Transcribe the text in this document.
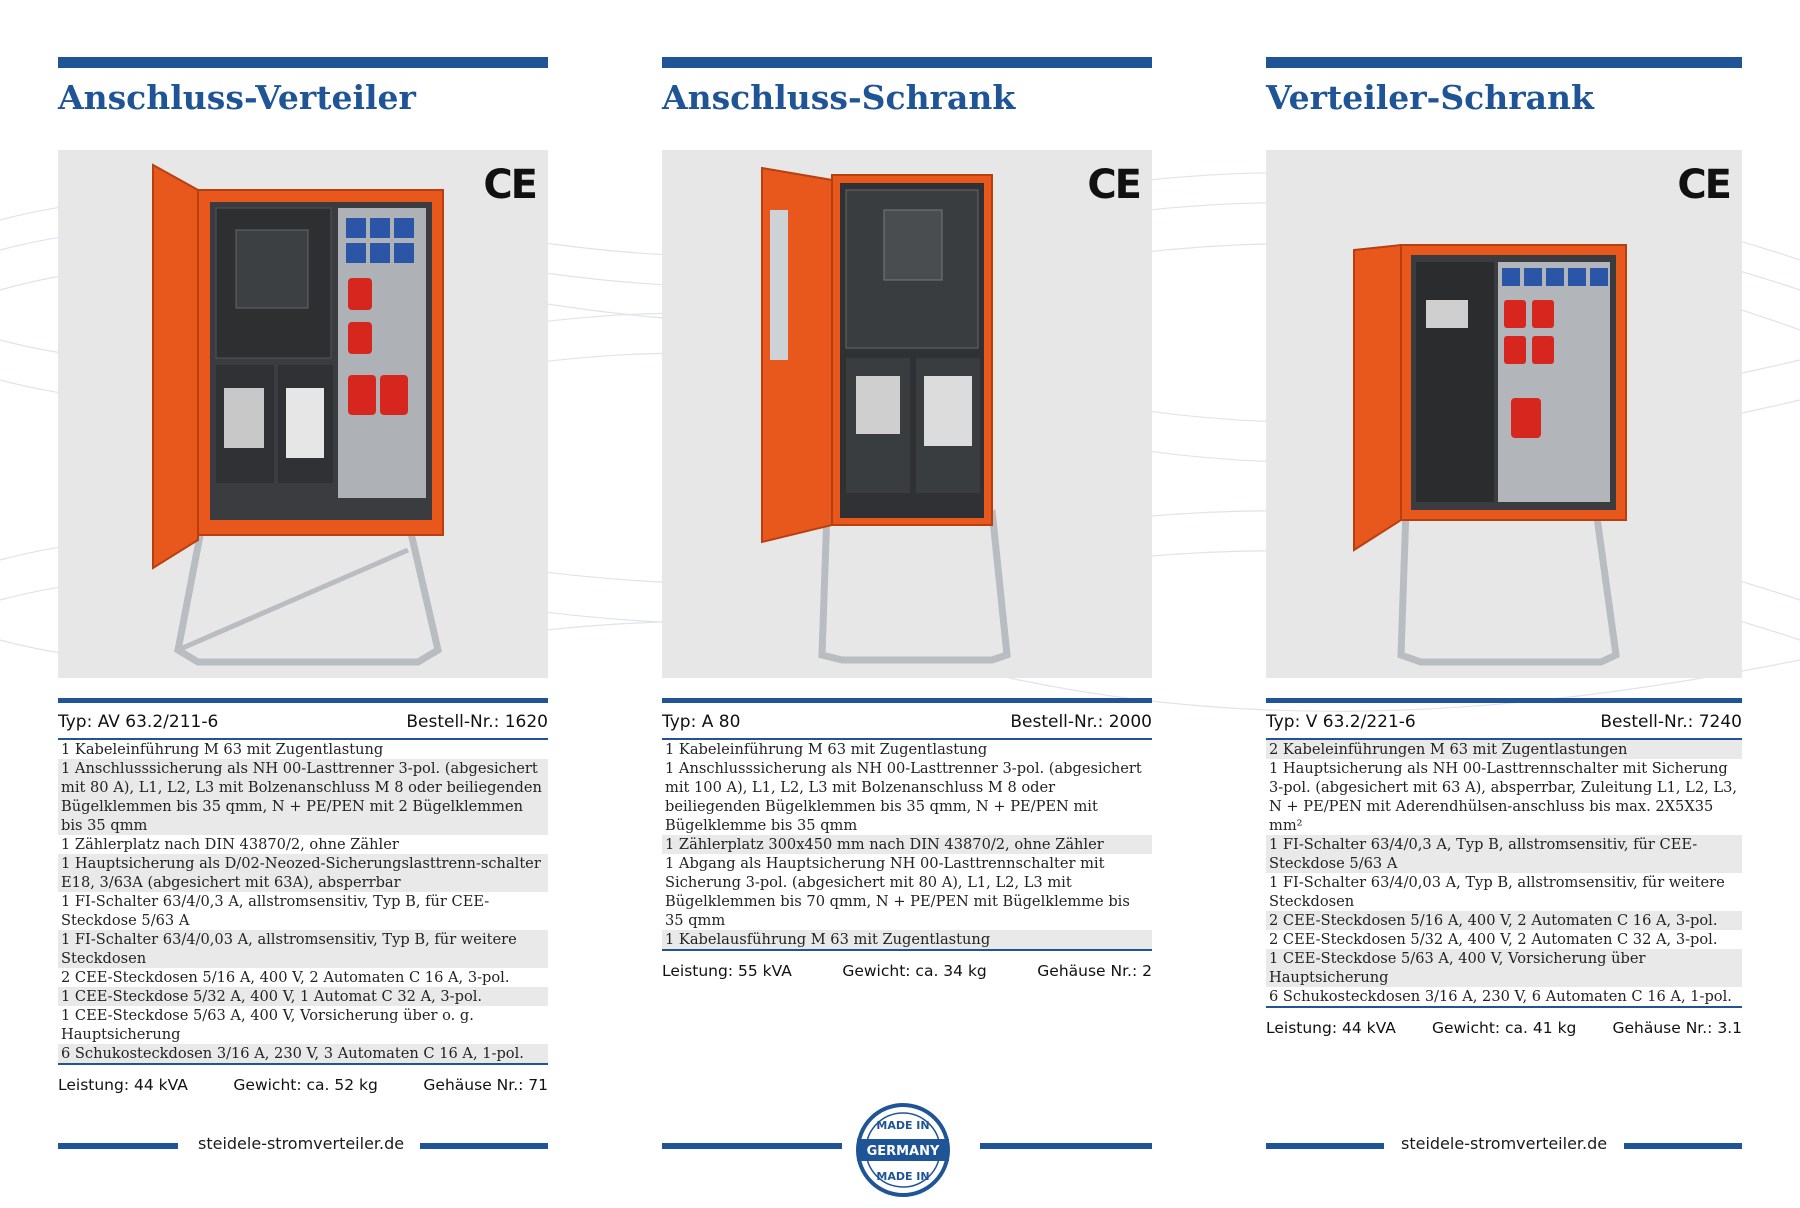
Anschluss-Verteiler
CE
Typ: AV 63.2/211-6	Bestell-Nr.: 1620
1 Kabeleinführung M 63 mit Zugentlastung
1 Anschlusssicherung als NH 00-Lasttrenner 3-pol. (abgesichert mit 80 A), L1, L2, L3 mit Bolzenanschluss M 8 oder beiliegenden Bügelklemmen bis 35 qmm, N + PE/PEN mit 2 Bügelklemmen bis 35 qmm
1 Zählerplatz nach DIN 43870/2, ohne Zähler
1 Hauptsicherung als D/02-Neozed-Sicherungslasttrenn-schalter E18, 3/63A (abgesichert mit 63A), absperrbar
1 FI-Schalter 63/4/0,3 A, allstromsensitiv, Typ B, für CEE-Steckdose 5/63 A
1 FI-Schalter 63/4/0,03 A, allstromsensitiv, Typ B, für weitere Steckdosen
2 CEE-Steckdosen 5/16 A, 400 V, 2 Automaten C 16 A, 3-pol.
1 CEE-Steckdose 5/32 A, 400 V, 1 Automat C 32 A, 3-pol.
1 CEE-Steckdose 5/63 A, 400 V, Vorsicherung über o. g. Hauptsicherung
6 Schukosteckdosen 3/16 A, 230 V, 3 Automaten C 16 A, 1-pol.
Leistung: 44 kVA	Gewicht: ca. 52 kg	Gehäuse Nr.: 71
steidele-stromverteiler.de
Anschluss-Schrank
CE
Typ: A 80	Bestell-Nr.: 2000
1 Kabeleinführung M 63 mit Zugentlastung
1 Anschlusssicherung als NH 00-Lasttrenner 3-pol. (abgesichert mit 100 A), L1, L2, L3 mit Bolzenanschluss M 8 oder beiliegenden Bügelklemmen bis 35 qmm, N + PE/PEN mit Bügelklemme bis 35 qmm
1 Zählerplatz 300x450 mm nach DIN 43870/2, ohne Zähler
1 Abgang als Hauptsicherung NH 00-Lasttrennschalter mit Sicherung 3-pol. (abgesichert mit 80 A), L1, L2, L3 mit Bügelklemmen bis 70 qmm, N + PE/PEN mit Bügelklemme bis 35 qmm
1 Kabelausführung M 63 mit Zugentlastung
Leistung: 55 kVA	Gewicht: ca. 34 kg	Gehäuse Nr.: 2
MADE IN
GERMANY
MADE IN
Verteiler-Schrank
CE
Typ: V 63.2/221-6	Bestell-Nr.: 7240
2 Kabeleinführungen M 63 mit Zugentlastungen
1 Hauptsicherung als NH 00-Lasttrennschalter mit Sicherung 3-pol. (abgesichert mit 63 A), absperrbar, Zuleitung L1, L2, L3, N + PE/PEN mit Aderendhülsen-anschluss bis max. 2X5X35 mm²
1 FI-Schalter 63/4/0,3 A, Typ B, allstromsensitiv, für CEE-Steckdose 5/63 A
1 FI-Schalter 63/4/0,03 A, Typ B, allstromsensitiv, für weitere Steckdosen
2 CEE-Steckdosen 5/16 A, 400 V, 2 Automaten C 16 A, 3-pol.
2 CEE-Steckdosen 5/32 A, 400 V, 2 Automaten C 32 A, 3-pol.
1 CEE-Steckdose 5/63 A, 400 V, Vorsicherung über Hauptsicherung
6 Schukosteckdosen 3/16 A, 230 V, 6 Automaten C 16 A, 1-pol.
Leistung: 44 kVA Gewicht: ca. 41 kg Gehäuse Nr.: 3.1
steidele-stromverteiler.de
